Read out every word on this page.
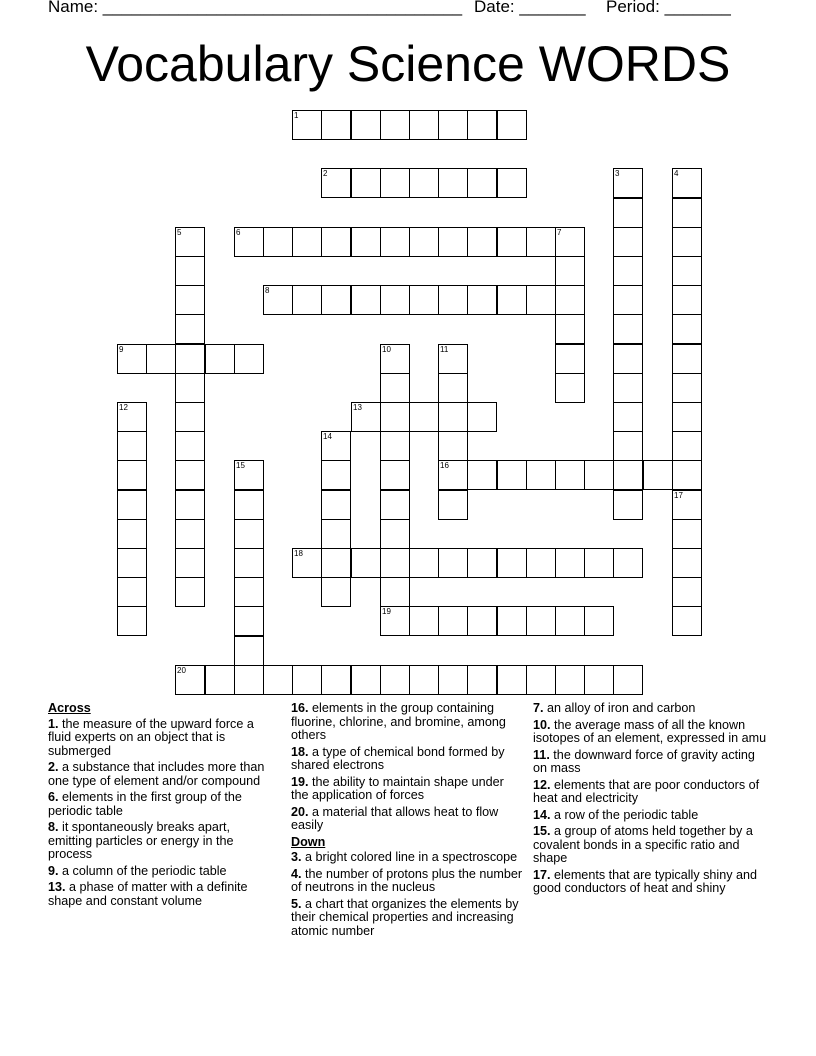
Name: ______________________________________ Date: _______ Period: _______
Vocabulary Science WORDS
1
2	3	4
5	6	7
8
9	10
19
11
16
12	13
14
15
17
18
20
Across
1. the measure of the upward force a fluid experts on an object that is submerged
2. a substance that includes more than one type of element and/or compound
6. elements in the first group of the periodic table
8. it spontaneously breaks apart, emitting particles or energy in the process
9. a column of the periodic table
13. a phase of matter with a definite shape and constant volume
16. elements in the group containing fluorine, chlorine, and bromine, among others
18. a type of chemical bond formed by shared electrons
19. the ability to maintain shape under the application of forces
20. a material that allows heat to flow easily
Down
3. a bright colored line in a spectroscope
4. the number of protons plus the number of neutrons in the nucleus
5. a chart that organizes the elements by their chemical properties and increasing atomic number
7. an alloy of iron and carbon
10. the average mass of all the known isotopes of an element, expressed in amu
11. the downward force of gravity acting on mass
12. elements that are poor conductors of heat and electricity
14. a row of the periodic table
15. a group of atoms held together by a covalent bonds in a specific ratio and shape
17. elements that are typically shiny and good conductors of heat and shiny
